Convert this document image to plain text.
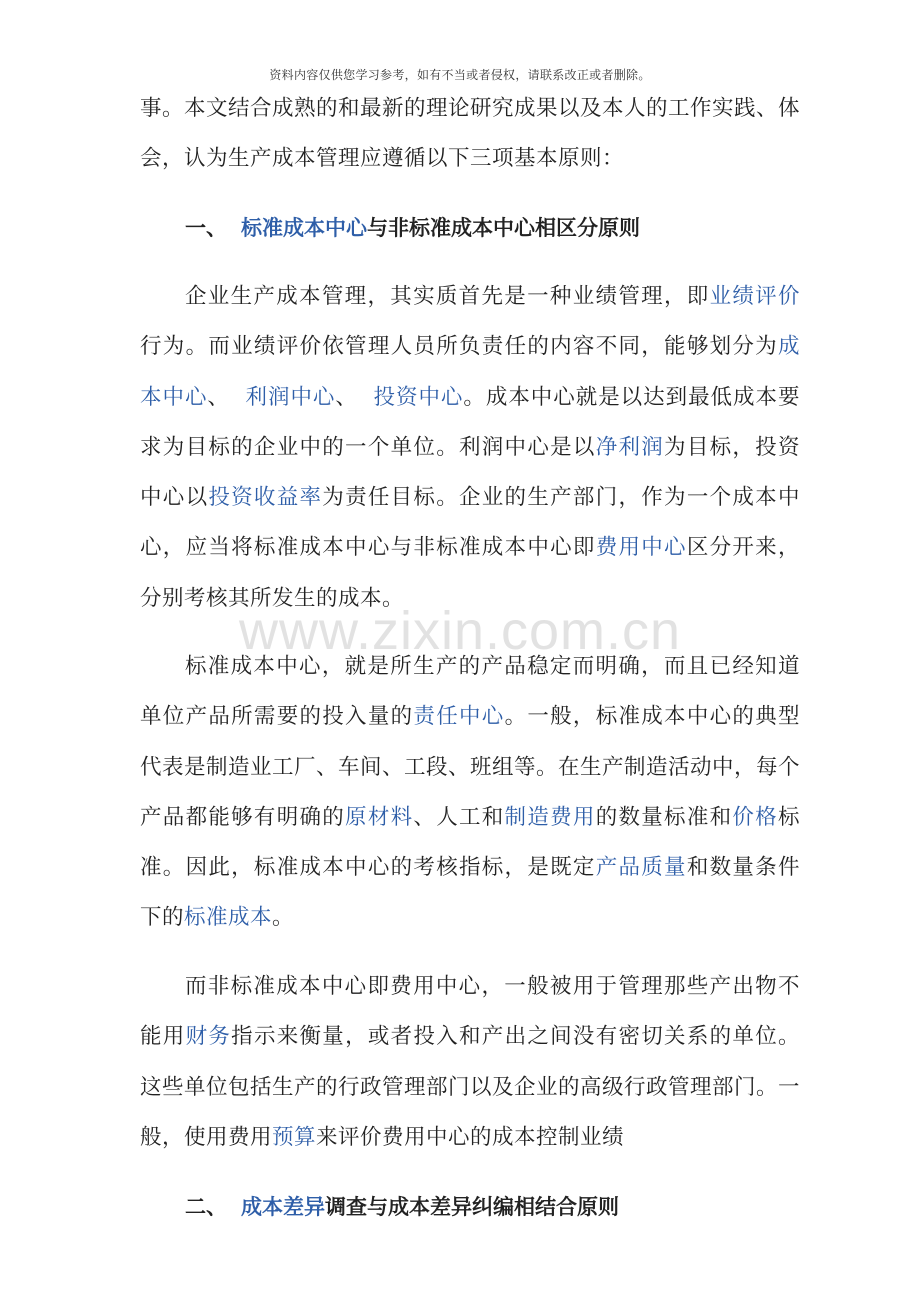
资料内容仅供您学习参考，如有不当或者侵权，请联系改正或者删除。
www.zixin.com.cn

事。本文结合成熟的和最新的理论研究成果以及本人的工作实践、体会，认为生产成本管理应遵循以下三项基本原则：

一、 标准成本中心与非标准成本中心相区分原则

企业生产成本管理，其实质首先是一种业绩管理，即业绩评价行为。而业绩评价依管理人员所负责任的内容不同，能够划分为成本中心、 利润中心、 投资中心。成本中心就是以达到最低成本要求为目标的企业中的一个单位。利润中心是以净利润为目标，投资中心以投资收益率为责任目标。企业的生产部门，作为一个成本中心，应当将标准成本中心与非标准成本中心即费用中心区分开来，分别考核其所发生的成本。

标准成本中心，就是所生产的产品稳定而明确，而且已经知道单位产品所需要的投入量的责任中心。一般，标准成本中心的典型代表是制造业工厂、车间、工段、班组等。在生产制造活动中，每个产品都能够有明确的原材料、人工和制造费用的数量标准和价格标准。因此，标准成本中心的考核指标，是既定产品质量和数量条件下的标准成本。

而非标准成本中心即费用中心，一般被用于管理那些产出物不能用财务指示来衡量，或者投入和产出之间没有密切关系的单位。这些单位包括生产的行政管理部门以及企业的高级行政管理部门。一般，使用费用预算来评价费用中心的成本控制业绩

二、 成本差异调查与成本差异纠编相结合原则
